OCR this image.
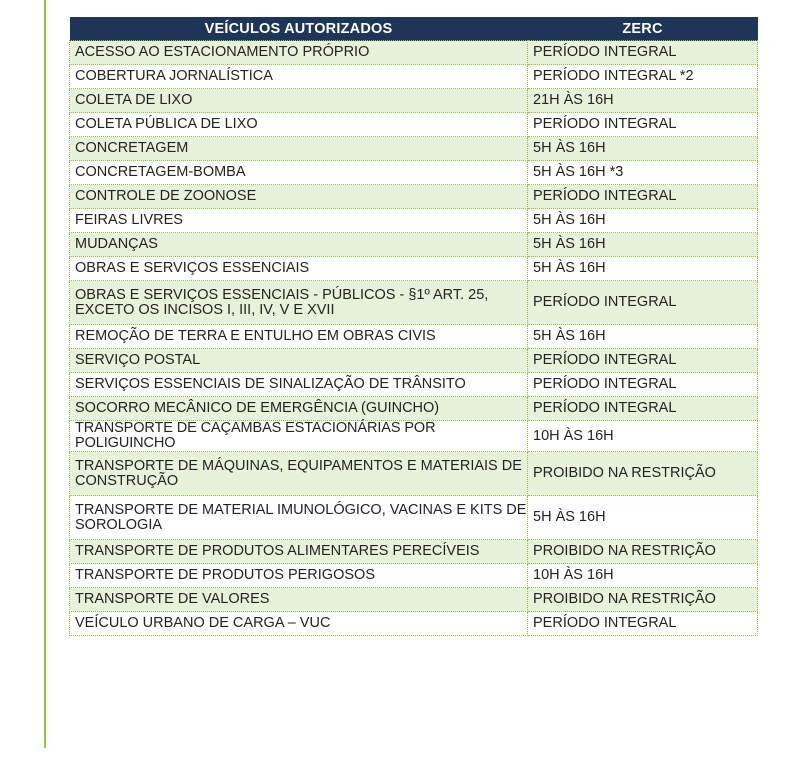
VEÍCULOS AUTORIZADOS	ZERC
ACESSO AO ESTACIONAMENTO PRÓPRIO	PERÍODO INTEGRAL
COBERTURA JORNALÍSTICA	PERÍODO INTEGRAL *2
COLETA DE LIXO	21H ÀS 16H
COLETA PÚBLICA DE LIXO	PERÍODO INTEGRAL
CONCRETAGEM	5H ÀS 16H
CONCRETAGEM-BOMBA	5H ÀS 16H *3
CONTROLE DE ZOONOSE	PERÍODO INTEGRAL
FEIRAS LIVRES	5H ÀS 16H
MUDANÇAS	5H ÀS 16H
OBRAS E SERVIÇOS ESSENCIAIS	5H ÀS 16H
OBRAS E SERVIÇOS ESSENCIAIS - PÚBLICOS - §1º ART. 25, EXCETO OS INCISOS I, III, IV, V E XVII	PERÍODO INTEGRAL
REMOÇÃO DE TERRA E ENTULHO EM OBRAS CIVIS	5H ÀS 16H
SERVIÇO POSTAL	PERÍODO INTEGRAL
SERVIÇOS ESSENCIAIS DE SINALIZAÇÃO DE TRÂNSITO	PERÍODO INTEGRAL
SOCORRO MECÂNICO DE EMERGÊNCIA (GUINCHO)	PERÍODO INTEGRAL
TRANSPORTE DE CAÇAMBAS ESTACIONÁRIAS POR POLIGUINCHO	10H ÀS 16H
TRANSPORTE DE MÁQUINAS, EQUIPAMENTOS E MATERIAIS DE CONSTRUÇÃO	PROIBIDO NA RESTRIÇÃO
TRANSPORTE DE MATERIAL IMUNOLÓGICO, VACINAS E KITS DE SOROLOGIA	5H ÀS 16H
TRANSPORTE DE PRODUTOS ALIMENTARES PERECÍVEIS	PROIBIDO NA RESTRIÇÃO
TRANSPORTE DE PRODUTOS PERIGOSOS	10H ÀS 16H
TRANSPORTE DE VALORES	PROIBIDO NA RESTRIÇÃO
VEÍCULO URBANO DE CARGA – VUC	PERÍODO INTEGRAL
